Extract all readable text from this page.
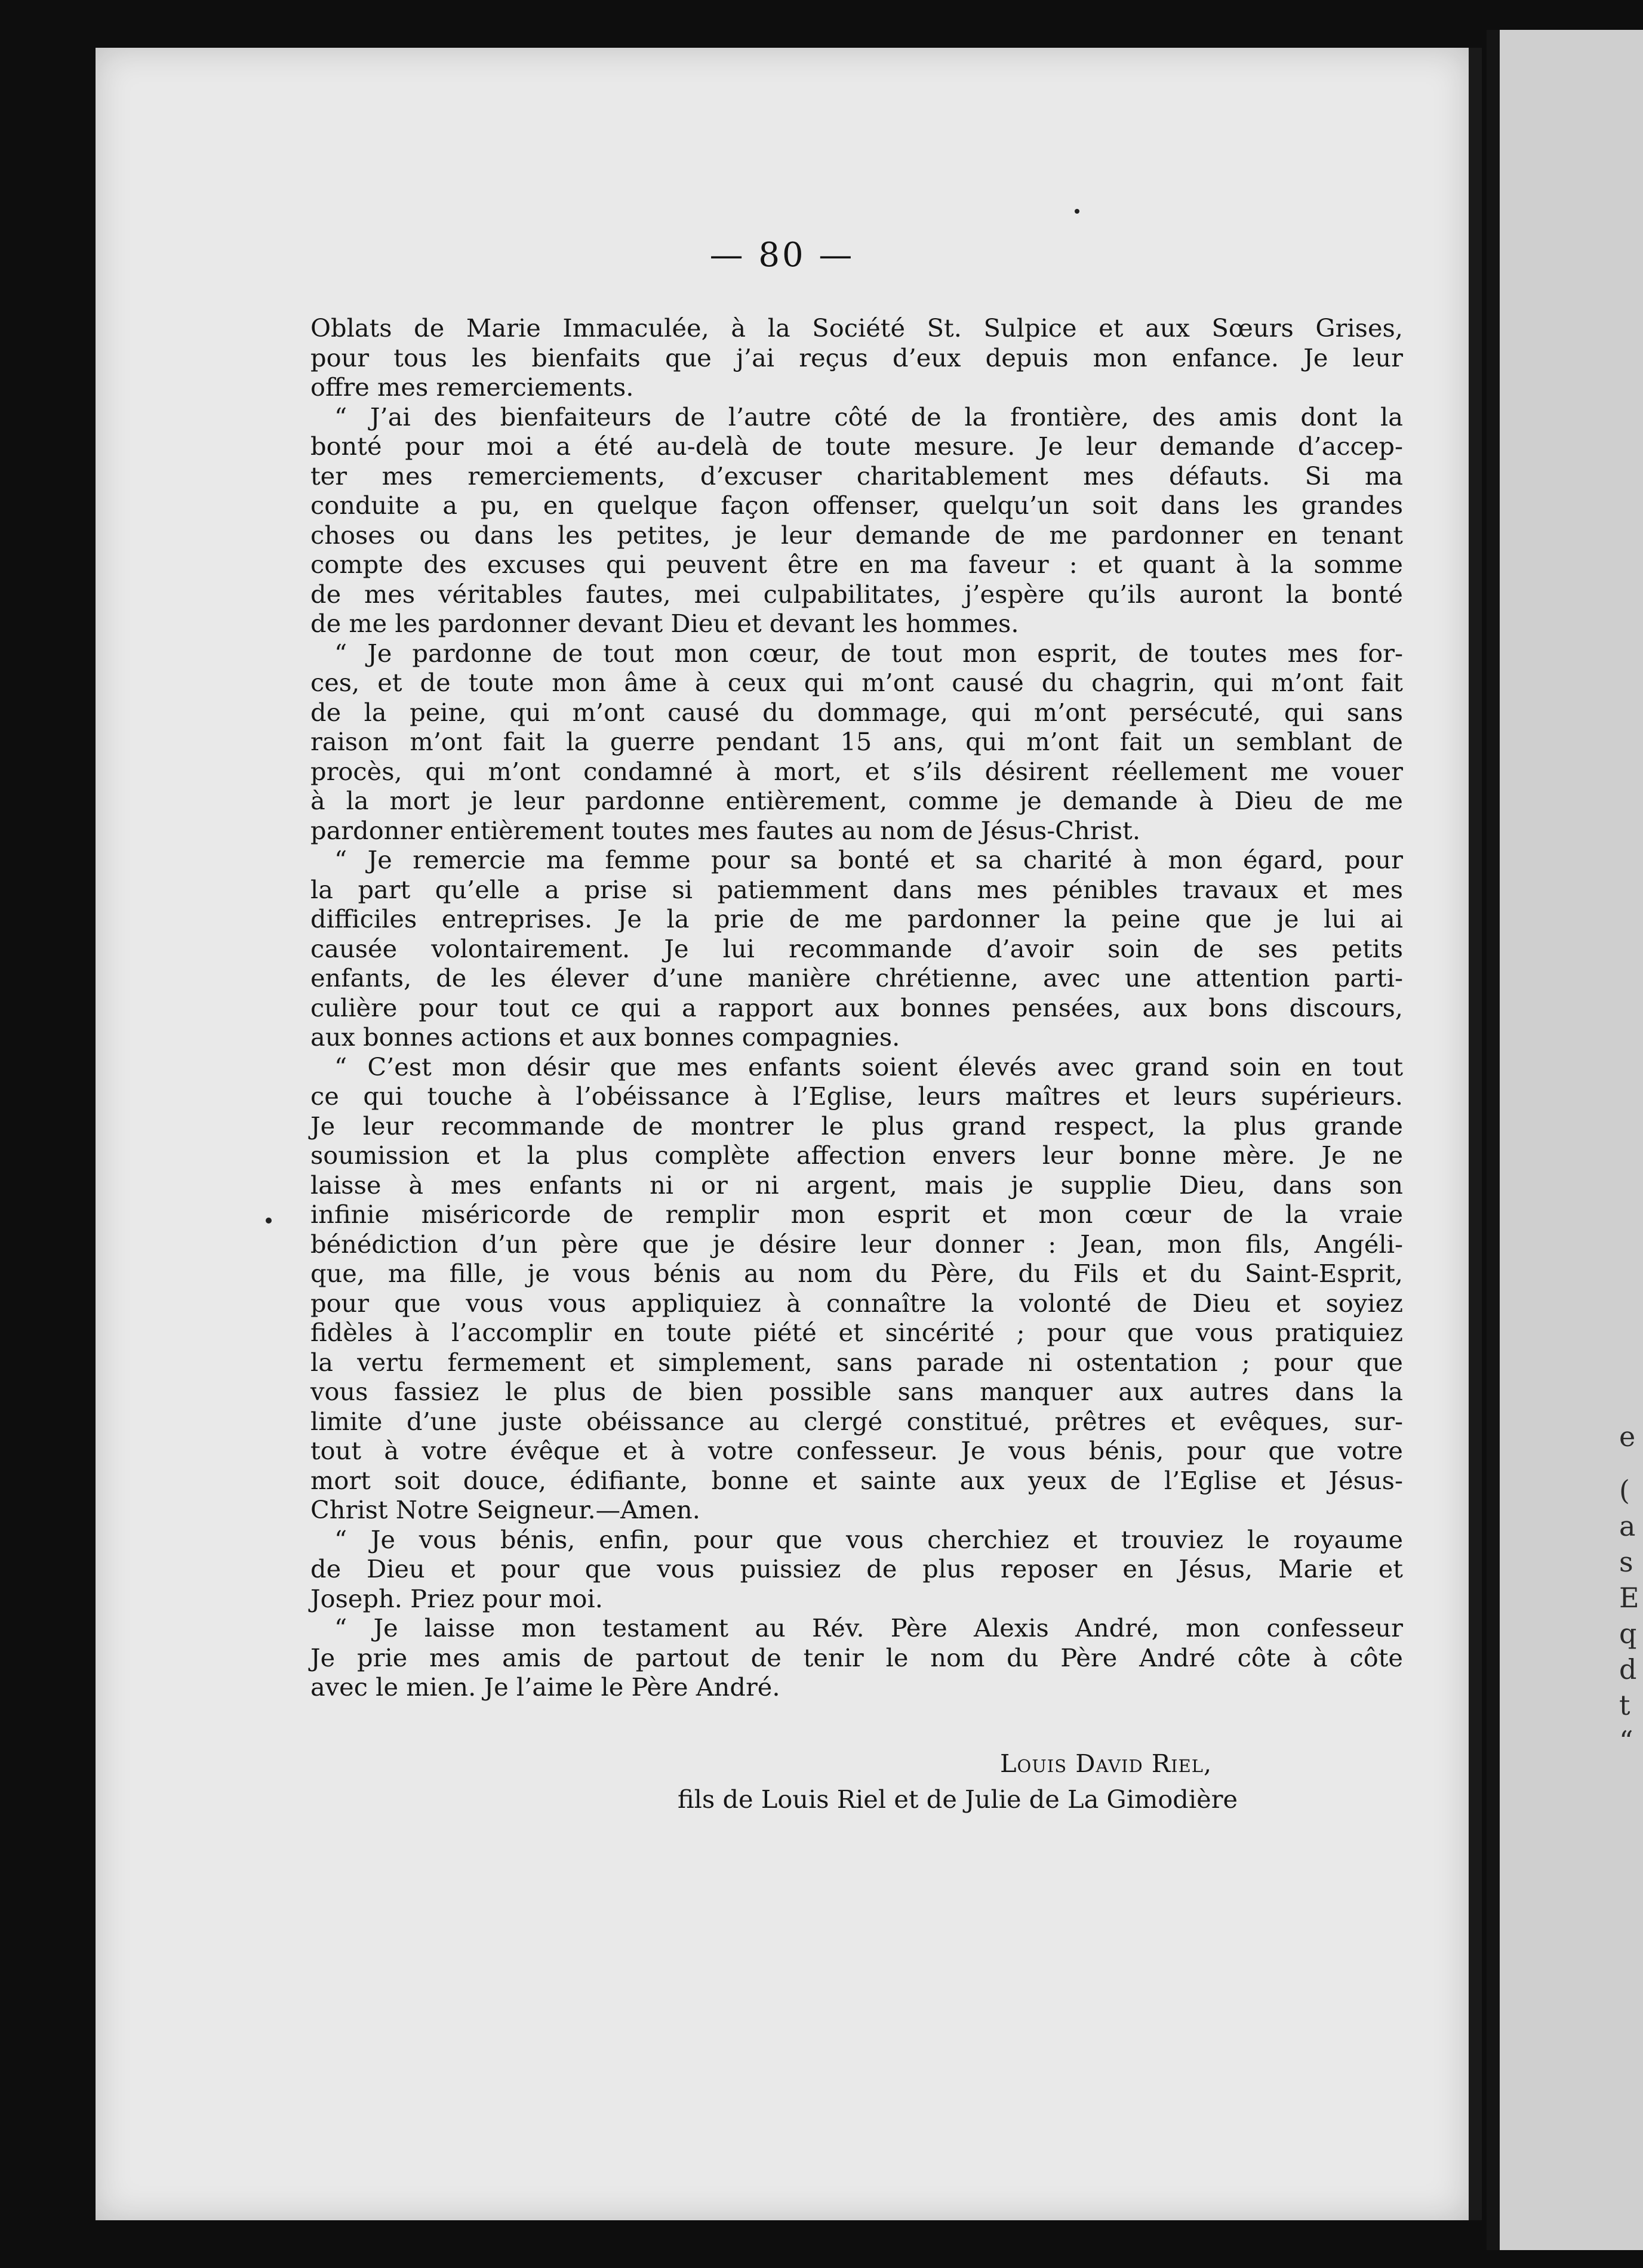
e
(
a
s
E
q
d
t
“
— 80 —
Oblats de Marie Immaculée, à la Société St. Sulpice et aux Sœurs Grises,
pour tous les bienfaits que j’ai reçus d’eux depuis mon enfance. Je leur
offre mes remerciements.
“ J’ai des bienfaiteurs de l’autre côté de la frontière, des amis dont la
bonté pour moi a été au-delà de toute mesure. Je leur demande d’accep-
ter mes remerciements, d’excuser charitablement mes défauts. Si ma
conduite a pu, en quelque façon offenser, quelqu’un soit dans les grandes
choses ou dans les petites, je leur demande de me pardonner en tenant
compte des excuses qui peuvent être en ma faveur : et quant à la somme
de mes véritables fautes, mei culpabilitates, j’espère qu’ils auront la bonté
de me les pardonner devant Dieu et devant les hommes.
“ Je pardonne de tout mon cœur, de tout mon esprit, de toutes mes for-
ces, et de toute mon âme à ceux qui m’ont causé du chagrin, qui m’ont fait
de la peine, qui m’ont causé du dommage, qui m’ont persécuté, qui sans
raison m’ont fait la guerre pendant 15 ans, qui m’ont fait un semblant de
procès, qui m’ont condamné à mort, et s’ils désirent réellement me vouer
à la mort je leur pardonne entièrement, comme je demande à Dieu de me
pardonner entièrement toutes mes fautes au nom de Jésus-Christ.
“ Je remercie ma femme pour sa bonté et sa charité à mon égard, pour
la part qu’elle a prise si patiemment dans mes pénibles travaux et mes
difficiles entreprises. Je la prie de me pardonner la peine que je lui ai
causée volontairement. Je lui recommande d’avoir soin de ses petits
enfants, de les élever d’une manière chrétienne, avec une attention parti-
culière pour tout ce qui a rapport aux bonnes pensées, aux bons discours,
aux bonnes actions et aux bonnes compagnies.
“ C’est mon désir que mes enfants soient élevés avec grand soin en tout
ce qui touche à l’obéissance à l’Eglise, leurs maîtres et leurs supérieurs.
Je leur recommande de montrer le plus grand respect, la plus grande
soumission et la plus complète affection envers leur bonne mère. Je ne
laisse à mes enfants ni or ni argent, mais je supplie Dieu, dans son
infinie miséricorde de remplir mon esprit et mon cœur de la vraie
bénédiction d’un père que je désire leur donner : Jean, mon fils, Angéli-
que, ma fille, je vous bénis au nom du Père, du Fils et du Saint-Esprit,
pour que vous vous appliquiez à connaître la volonté de Dieu et soyiez
fidèles à l’accomplir en toute piété et sincérité ; pour que vous pratiquiez
la vertu fermement et simplement, sans parade ni ostentation ; pour que
vous fassiez le plus de bien possible sans manquer aux autres dans la
limite d’une juste obéissance au clergé constitué, prêtres et evêques, sur-
tout à votre évêque et à votre confesseur. Je vous bénis, pour que votre
mort soit douce, édifiante, bonne et sainte aux yeux de l’Eglise et Jésus-
Christ Notre Seigneur.—Amen.
“ Je vous bénis, enfin, pour que vous cherchiez et trouviez le royaume
de Dieu et pour que vous puissiez de plus reposer en Jésus, Marie et
Joseph. Priez pour moi.
“ Je laisse mon testament au Rév. Père Alexis André, mon confesseur
Je prie mes amis de partout de tenir le nom du Père André côte à côte
avec le mien. Je l’aime le Père André.
Louis David Riel,
fils de Louis Riel et de Julie de La Gimodière
